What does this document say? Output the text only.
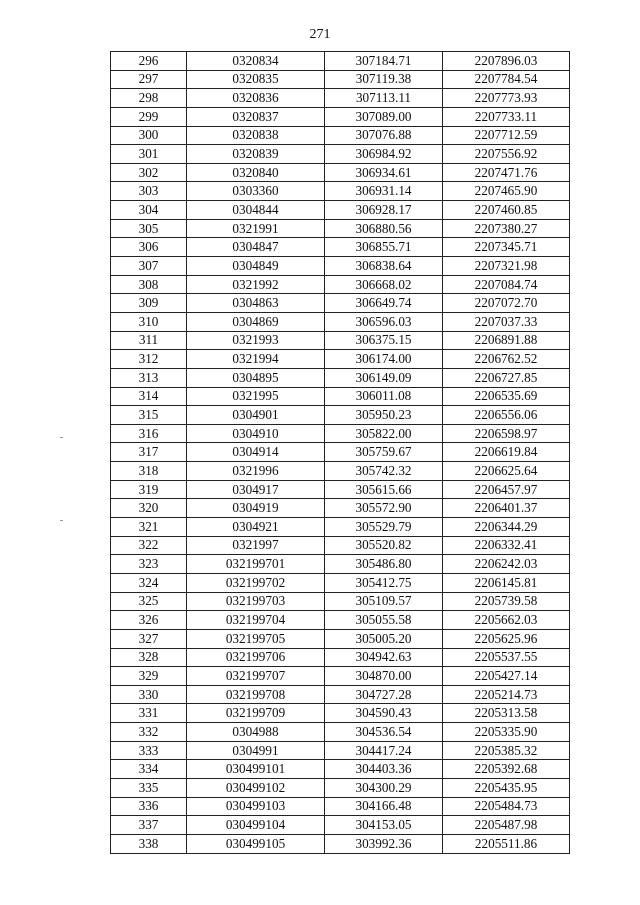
271
296	0320834	307184.71	2207896.03
297	0320835	307119.38	2207784.54
298	0320836	307113.11	2207773.93
299	0320837	307089.00	2207733.11
300	0320838	307076.88	2207712.59
301	0320839	306984.92	2207556.92
302	0320840	306934.61	2207471.76
303	0303360	306931.14	2207465.90
304	0304844	306928.17	2207460.85
305	0321991	306880.56	2207380.27
306	0304847	306855.71	2207345.71
307	0304849	306838.64	2207321.98
308	0321992	306668.02	2207084.74
309	0304863	306649.74	2207072.70
310	0304869	306596.03	2207037.33
311	0321993	306375.15	2206891.88
312	0321994	306174.00	2206762.52
313	0304895	306149.09	2206727.85
314	0321995	306011.08	2206535.69
315	0304901	305950.23	2206556.06
316	0304910	305822.00	2206598.97
317	0304914	305759.67	2206619.84
318	0321996	305742.32	2206625.64
319	0304917	305615.66	2206457.97
320	0304919	305572.90	2206401.37
321	0304921	305529.79	2206344.29
322	0321997	305520.82	2206332.41
323	032199701	305486.80	2206242.03
324	032199702	305412.75	2206145.81
325	032199703	305109.57	2205739.58
326	032199704	305055.58	2205662.03
327	032199705	305005.20	2205625.96
328	032199706	304942.63	2205537.55
329	032199707	304870.00	2205427.14
330	032199708	304727.28	2205214.73
331	032199709	304590.43	2205313.58
332	0304988	304536.54	2205335.90
333	0304991	304417.24	2205385.32
334	030499101	304403.36	2205392.68
335	030499102	304300.29	2205435.95
336	030499103	304166.48	2205484.73
337	030499104	304153.05	2205487.98
338	030499105	303992.36	2205511.86
